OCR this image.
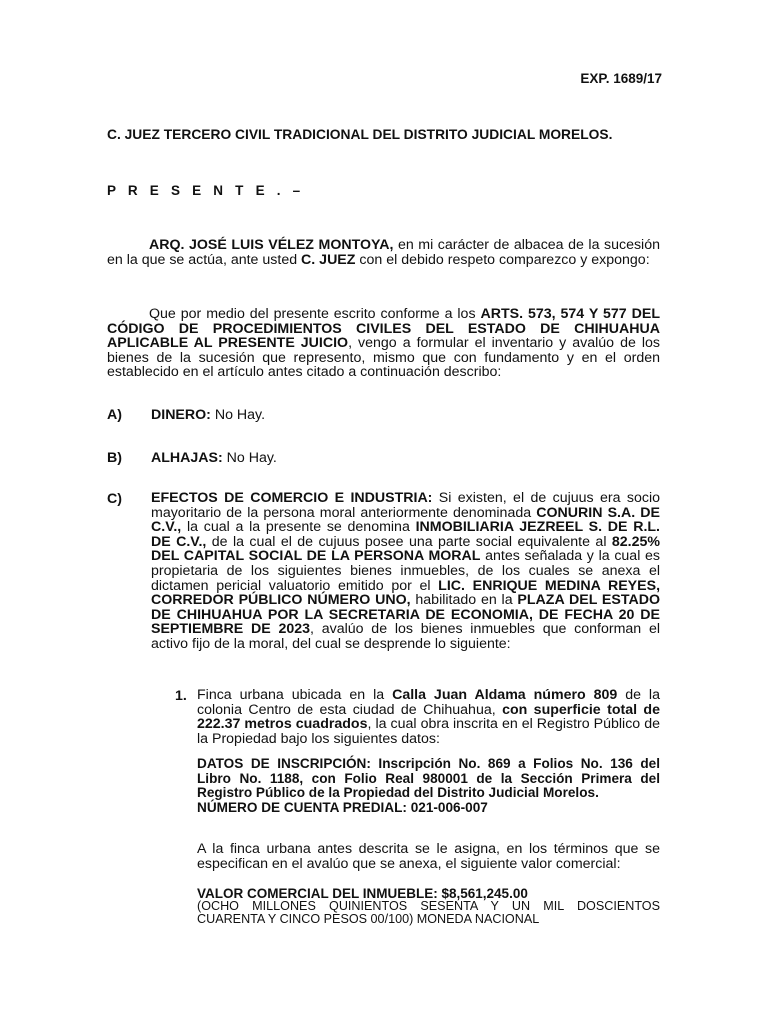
EXP. 1689/17
C. JUEZ TERCERO CIVIL TRADICIONAL DEL DISTRITO JUDICIAL MORELOS.
P R E S E N T E . –
ARQ. JOSÉ LUIS VÉLEZ MONTOYA, en mi carácter de albacea de la sucesión en la que se actúa, ante usted C. JUEZ con el debido respeto comparezco y expongo:
Que por medio del presente escrito conforme a los ARTS. 573, 574 Y 577 DEL CÓDIGO DE PROCEDIMIENTOS CIVILES DEL ESTADO DE CHIHUAHUA APLICABLE AL PRESENTE JUICIO, vengo a formular el inventario y avalúo de los bienes de la sucesión que represento, mismo que con fundamento y en el orden establecido en el artículo antes citado a continuación describo:
A) DINERO: No Hay.
B) ALHAJAS: No Hay.
C) EFECTOS DE COMERCIO E INDUSTRIA: Si existen, el de cujuus era socio mayoritario de la persona moral anteriormente denominada CONURIN S.A. DE C.V., la cual a la presente se denomina INMOBILIARIA JEZREEL S. DE R.L. DE C.V., de la cual el de cujuus posee una parte social equivalente al 82.25% DEL CAPITAL SOCIAL DE LA PERSONA MORAL antes señalada y la cual es propietaria de los siguientes bienes inmuebles, de los cuales se anexa el dictamen pericial valuatorio emitido por el LIC. ENRIQUE MEDINA REYES, CORREDOR PÚBLICO NÚMERO UNO, habilitado en la PLAZA DEL ESTADO DE CHIHUAHUA POR LA SECRETARIA DE ECONOMIA, DE FECHA 20 DE SEPTIEMBRE DE 2023, avalúo de los bienes inmuebles que conforman el activo fijo de la moral, del cual se desprende lo siguiente:
1. Finca urbana ubicada en la Calla Juan Aldama número 809 de la colonia Centro de esta ciudad de Chihuahua, con superficie total de 222.37 metros cuadrados, la cual obra inscrita en el Registro Público de la Propiedad bajo los siguientes datos:
DATOS DE INSCRIPCIÓN: Inscripción No. 869 a Folios No. 136 del Libro No. 1188, con Folio Real 980001 de la Sección Primera del Registro Público de la Propiedad del Distrito Judicial Morelos.
NÚMERO DE CUENTA PREDIAL: 021-006-007
A la finca urbana antes descrita se le asigna, en los términos que se especifican en el avalúo que se anexa, el siguiente valor comercial:
VALOR COMERCIAL DEL INMUEBLE: $8,561,245.00
(OCHO MILLONES QUINIENTOS SESENTA Y UN MIL DOSCIENTOS CUARENTA Y CINCO PESOS 00/100) MONEDA NACIONAL
